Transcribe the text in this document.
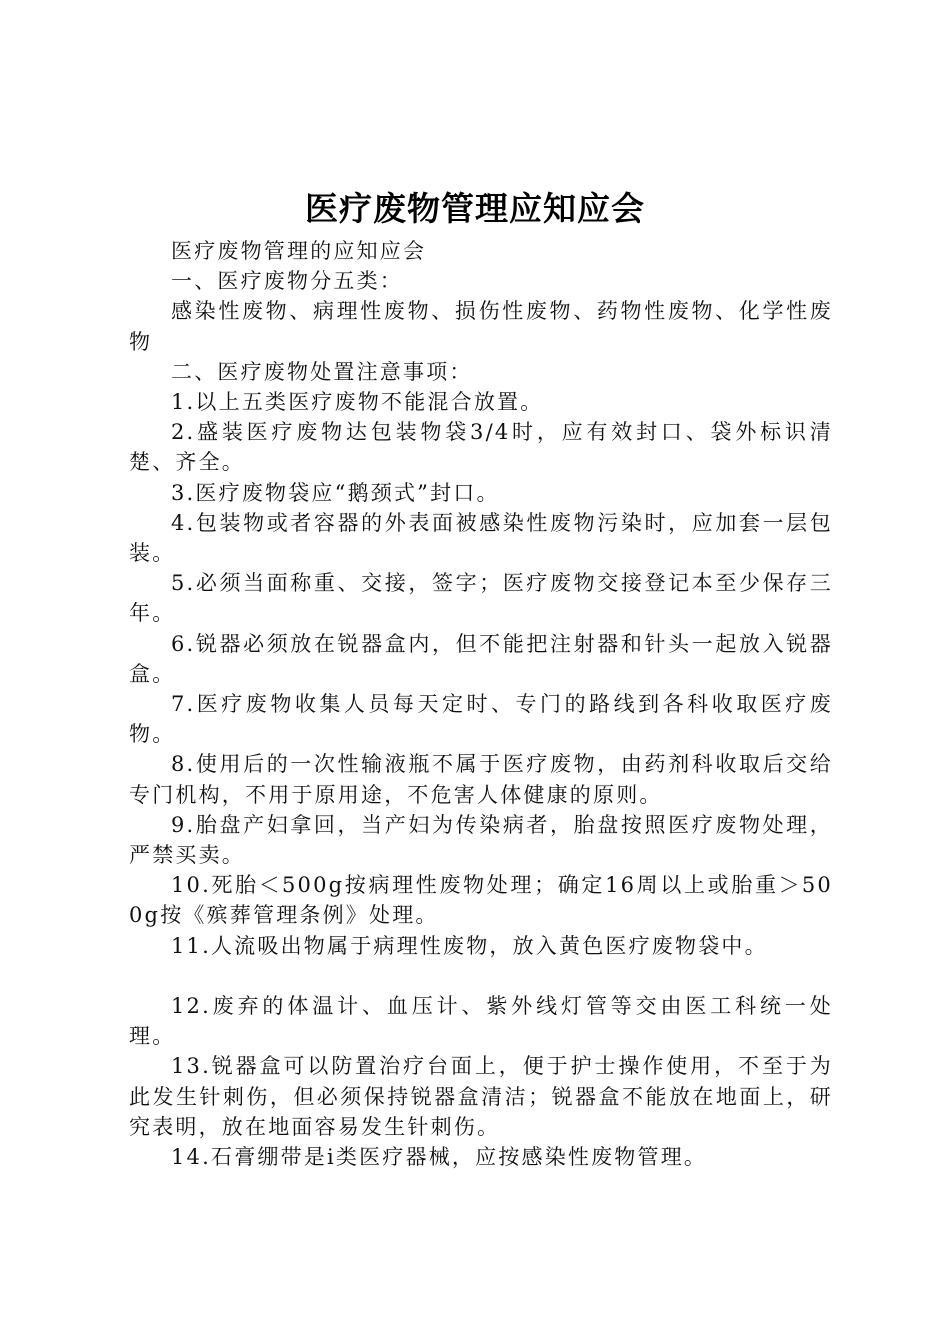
医疗废物管理应知应会

医疗废物管理的应知应会

一、医疗废物分五类：

感染性废物、病理性废物、损伤性废物、药物性废物、化学性废物

二、医疗废物处置注意事项：

1.以上五类医疗废物不能混合放置。

2.盛装医疗废物达包装物袋3/4时，应有效封口、袋外标识清楚、齐全。

3.医疗废物袋应“鹅颈式”封口。

4.包装物或者容器的外表面被感染性废物污染时，应加套一层包装。

5.必须当面称重、交接，签字；医疗废物交接登记本至少保存三年。

6.锐器必须放在锐器盒内，但不能把注射器和针头一起放入锐器盒。

7.医疗废物收集人员每天定时、专门的路线到各科收取医疗废物。

8.使用后的一次性输液瓶不属于医疗废物，由药剂科收取后交给专门机构，不用于原用途，不危害人体健康的原则。

9.胎盘产妇拿回，当产妇为传染病者，胎盘按照医疗废物处理，严禁买卖。

10.死胎＜500g按病理性废物处理；确定16周以上或胎重＞500g按《殡葬管理条例》处理。

11.人流吸出物属于病理性废物，放入黄色医疗废物袋中。

12.废弃的体温计、血压计、紫外线灯管等交由医工科统一处理。

13.锐器盒可以防置治疗台面上，便于护士操作使用，不至于为此发生针刺伤，但必须保持锐器盒清洁；锐器盒不能放在地面上，研究表明，放在地面容易发生针刺伤。

14.石膏绷带是i类医疗器械，应按感染性废物管理。
